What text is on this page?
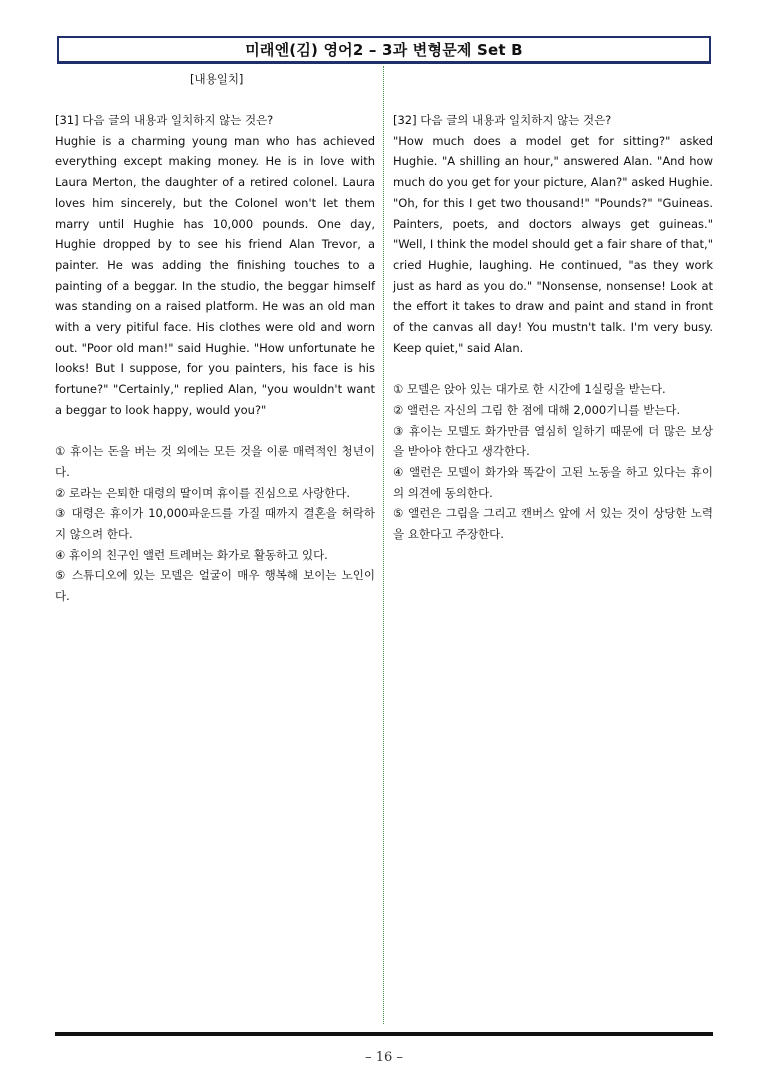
미래엔(김) 영어2 – 3과 변형문제 Set B
[내용일치]
[31] 다음 글의 내용과 일치하지 않는 것은?
Hughie is a charming young man who has achieved everything except making money. He is in love with Laura Merton, the daughter of a retired colonel. Laura loves him sincerely, but the Colonel won't let them marry until Hughie has 10,000 pounds. One day, Hughie dropped by to see his friend Alan Trevor, a painter. He was adding the finishing touches to a painting of a beggar. In the studio, the beggar himself was standing on a raised platform. He was an old man with a very pitiful face. His clothes were old and worn out. "Poor old man!" said Hughie. "How unfortunate he looks! But I suppose, for you painters, his face is his fortune?" "Certainly," replied Alan, "you wouldn't want a beggar to look happy, would you?"
① 휴이는 돈을 버는 것 외에는 모든 것을 이룬 매력적인 청년이다.
② 로라는 은퇴한 대령의 딸이며 휴이를 진심으로 사랑한다.
③ 대령은 휴이가 10,000파운드를 가질 때까지 결혼을 허락하지 않으려 한다.
④ 휴이의 친구인 앨런 트레버는 화가로 활동하고 있다.
⑤ 스튜디오에 있는 모델은 얼굴이 매우 행복해 보이는 노인이다.
[32] 다음 글의 내용과 일치하지 않는 것은?
"How much does a model get for sitting?" asked Hughie. "A shilling an hour," answered Alan. "And how much do you get for your picture, Alan?" asked Hughie. "Oh, for this I get two thousand!" "Pounds?" "Guineas. Painters, poets, and doctors always get guineas." "Well, I think the model should get a fair share of that," cried Hughie, laughing. He continued, "as they work just as hard as you do." "Nonsense, nonsense! Look at the effort it takes to draw and paint and stand in front of the canvas all day! You mustn't talk. I'm very busy. Keep quiet," said Alan.
① 모델은 앉아 있는 대가로 한 시간에 1실링을 받는다.
② 앨런은 자신의 그림 한 점에 대해 2,000기니를 받는다.
③ 휴이는 모델도 화가만큼 열심히 일하기 때문에 더 많은 보상을 받아야 한다고 생각한다.
④ 앨런은 모델이 화가와 똑같이 고된 노동을 하고 있다는 휴이의 의견에 동의한다.
⑤ 앨런은 그림을 그리고 캔버스 앞에 서 있는 것이 상당한 노력을 요한다고 주장한다.
– 16 –
